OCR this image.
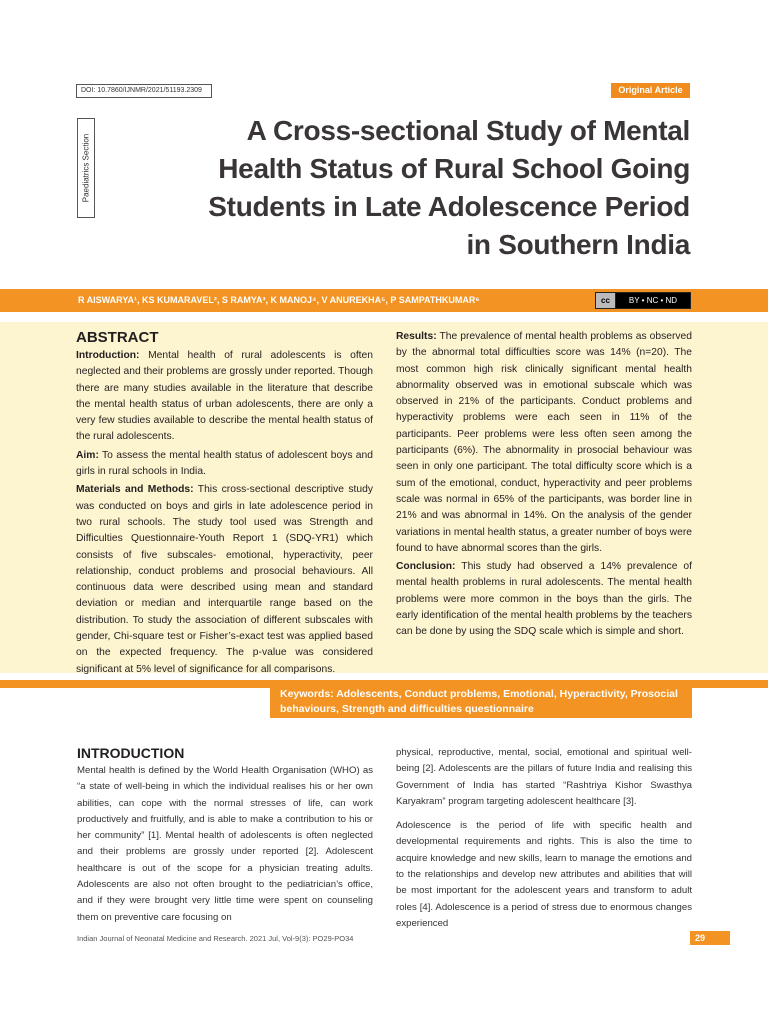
DOI: 10.7860/IJNMR/2021/51193.2309	Original Article
Paediatrics Section
A Cross-sectional Study of Mental Health Status of Rural School Going Students in Late Adolescence Period in Southern India
R AISWARYA¹, KS KUMARAVEL², S RAMYA³, K MANOJ⁴, V ANUREKHA⁵, P SAMPATHKUMAR⁶	cc	BY • NC • ND
ABSTRACT

Introduction: Mental health of rural adolescents is often neglected and their problems are grossly under reported. Though there are many studies available in the literature that describe the mental health status of urban adolescents, there are only a very few studies available to describe the mental health status of the rural adolescents.

Aim: To assess the mental health status of adolescent boys and girls in rural schools in India.

Materials and Methods: This cross-sectional descriptive study was conducted on boys and girls in late adolescence period in two rural schools. The study tool used was Strength and Difficulties Questionnaire-Youth Report 1 (SDQ-YR1) which consists of five subscales- emotional, hyperactivity, peer relationship, conduct problems and prosocial behaviours. All continuous data were described using mean and standard deviation or median and interquartile range based on the distribution. To study the association of different subscales with gender, Chi-square test or Fisher’s-exact test was applied based on the expected frequency. The p-value was considered significant at 5% level of significance for all comparisons.

Results: The prevalence of mental health problems as observed by the abnormal total difficulties score was 14% (n=20). The most common high risk clinically significant mental health abnormality observed was in emotional subscale which was observed in 21% of the participants. Conduct problems and hyperactivity problems were each seen in 11% of the participants. Peer problems were less often seen among the participants (6%). The abnormality in prosocial behaviour was seen in only one participant. The total difficulty score which is a sum of the emotional, conduct, hyperactivity and peer problems scale was normal in 65% of the participants, was border line in 21% and was abnormal in 14%. On the analysis of the gender variations in mental health status, a greater number of boys were found to have abnormal scores than the girls.

Conclusion: This study had observed a 14% prevalence of mental health problems in rural adolescents. The mental health problems were more common in the boys than the girls. The early identification of the mental health problems by the teachers can be done by using the SDQ scale which is simple and short.

Keywords: Adolescents, Conduct problems, Emotional, Hyperactivity, Prosocial behaviours, Strength and difficulties questionnaire
INTRODUCTION

Mental health is defined by the World Health Organisation (WHO) as “a state of well-being in which the individual realises his or her own abilities, can cope with the normal stresses of life, can work productively and fruitfully, and is able to make a contribution to his or her community” [1]. Mental health of adolescents is often neglected and their problems are grossly under reported [2]. Adolescent healthcare is out of the scope for a physician treating adults. Adolescents are also not often brought to the pediatrician’s office, and if they were brought very little time were spent on counseling them on preventive care focusing on

physical, reproductive, mental, social, emotional and spiritual well-being [2]. Adolescents are the pillars of future India and realising this Government of India has started “Rashtriya Kishor Swasthya Karyakram” program targeting adolescent healthcare [3].

Adolescence is the period of life with specific health and developmental requirements and rights. This is also the time to acquire knowledge and new skills, learn to manage the emotions and to the relationships and develop new attributes and abilities that will be most important for the adolescent years and transform to adult roles [4]. Adolescence is a period of stress due to enormous changes experienced

Indian Journal of Neonatal Medicine and Research. 2021 Jul, Vol-9(3): PO29-PO34	29
